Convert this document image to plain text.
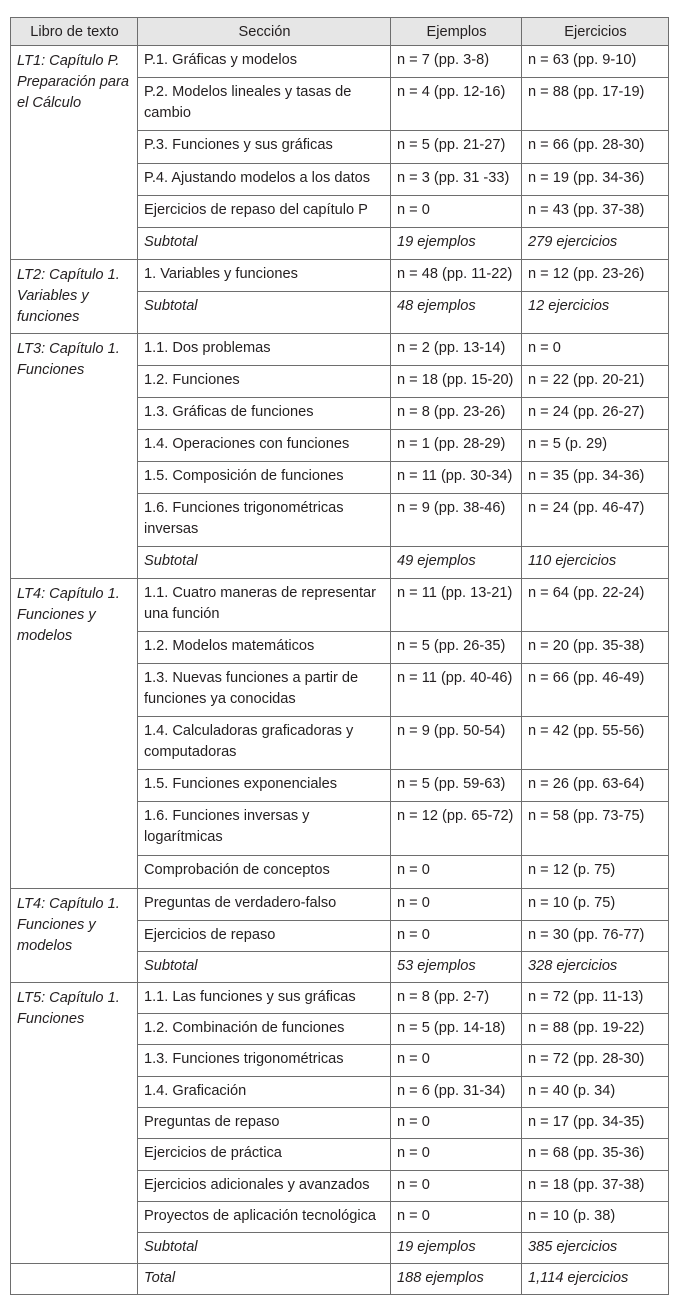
Libro de texto	Sección	Ejemplos	Ejercicios
LT1: Capítulo P. Preparación para el Cálculo	P.1. Gráficas y modelos	n = 7 (pp. 3-8)	n = 63 (pp. 9-10)
	P.2. Modelos lineales y tasas de cambio	n = 4 (pp. 12-16)	n = 88 (pp. 17-19)
	P.3. Funciones y sus gráficas	n = 5 (pp. 21-27)	n = 66 (pp. 28-30)
	P.4. Ajustando modelos a los datos	n = 3 (pp. 31 -33)	n = 19 (pp. 34-36)
	Ejercicios de repaso del capítulo P	n = 0	n = 43 (pp. 37-38)
	Subtotal	19 ejemplos	279 ejercicios
LT2: Capítulo 1. Variables y funciones	1. Variables y funciones	n = 48 (pp. 11-22)	n = 12 (pp. 23-26)
	Subtotal	48 ejemplos	12 ejercicios
LT3: Capítulo 1. Funciones	1.1. Dos problemas	n = 2 (pp. 13-14)	n = 0
	1.2. Funciones	n = 18 (pp. 15-20)	n = 22 (pp. 20-21)
	1.3. Gráficas de funciones	n = 8 (pp. 23-26)	n = 24 (pp. 26-27)
	1.4. Operaciones con funciones	n = 1 (pp. 28-29)	n = 5 (p. 29)
	1.5. Composición de funciones	n = 11 (pp. 30-34)	n = 35 (pp. 34-36)
	1.6. Funciones trigonométricas inversas	n = 9 (pp. 38-46)	n = 24 (pp. 46-47)
	Subtotal	49 ejemplos	110 ejercicios
LT4: Capítulo 1. Funciones y modelos	1.1. Cuatro maneras de representar una función	n = 11 (pp. 13-21)	n = 64 (pp. 22-24)
	1.2. Modelos matemáticos	n = 5 (pp. 26-35)	n = 20 (pp. 35-38)
	1.3. Nuevas funciones a partir de funciones ya conocidas	n = 11 (pp. 40-46)	n = 66 (pp. 46-49)
	1.4. Calculadoras graficadoras y computadoras	n = 9 (pp. 50-54)	n = 42 (pp. 55-56)
	1.5. Funciones exponenciales	n = 5 (pp. 59-63)	n = 26 (pp. 63-64)
	1.6. Funciones inversas y logarítmicas	n = 12 (pp. 65-72)	n = 58 (pp. 73-75)
	Comprobación de conceptos	n = 0	n = 12 (p. 75)
LT4: Capítulo 1. Funciones y modelos	Preguntas de verdadero-falso	n = 0	n = 10 (p. 75)
	Ejercicios de repaso	n = 0	n = 30 (pp. 76-77)
	Subtotal	53 ejemplos	328 ejercicios
LT5: Capítulo 1. Funciones	1.1. Las funciones y sus gráficas	n = 8 (pp. 2-7)	n = 72 (pp. 11-13)
	1.2. Combinación de funciones	n = 5 (pp. 14-18)	n = 88 (pp. 19-22)
	1.3. Funciones trigonométricas	n = 0	n = 72 (pp. 28-30)
	1.4. Graficación	n = 6 (pp. 31-34)	n = 40 (p. 34)
	Preguntas de repaso	n = 0	n = 17 (pp. 34-35)
	Ejercicios de práctica	n = 0	n = 68 (pp. 35-36)
	Ejercicios adicionales y avanzados	n = 0	n = 18 (pp. 37-38)
	Proyectos de aplicación tecnológica	n = 0	n = 10 (p. 38)
	Subtotal	19 ejemplos	385 ejercicios
	Total	188 ejemplos	1,114 ejercicios
